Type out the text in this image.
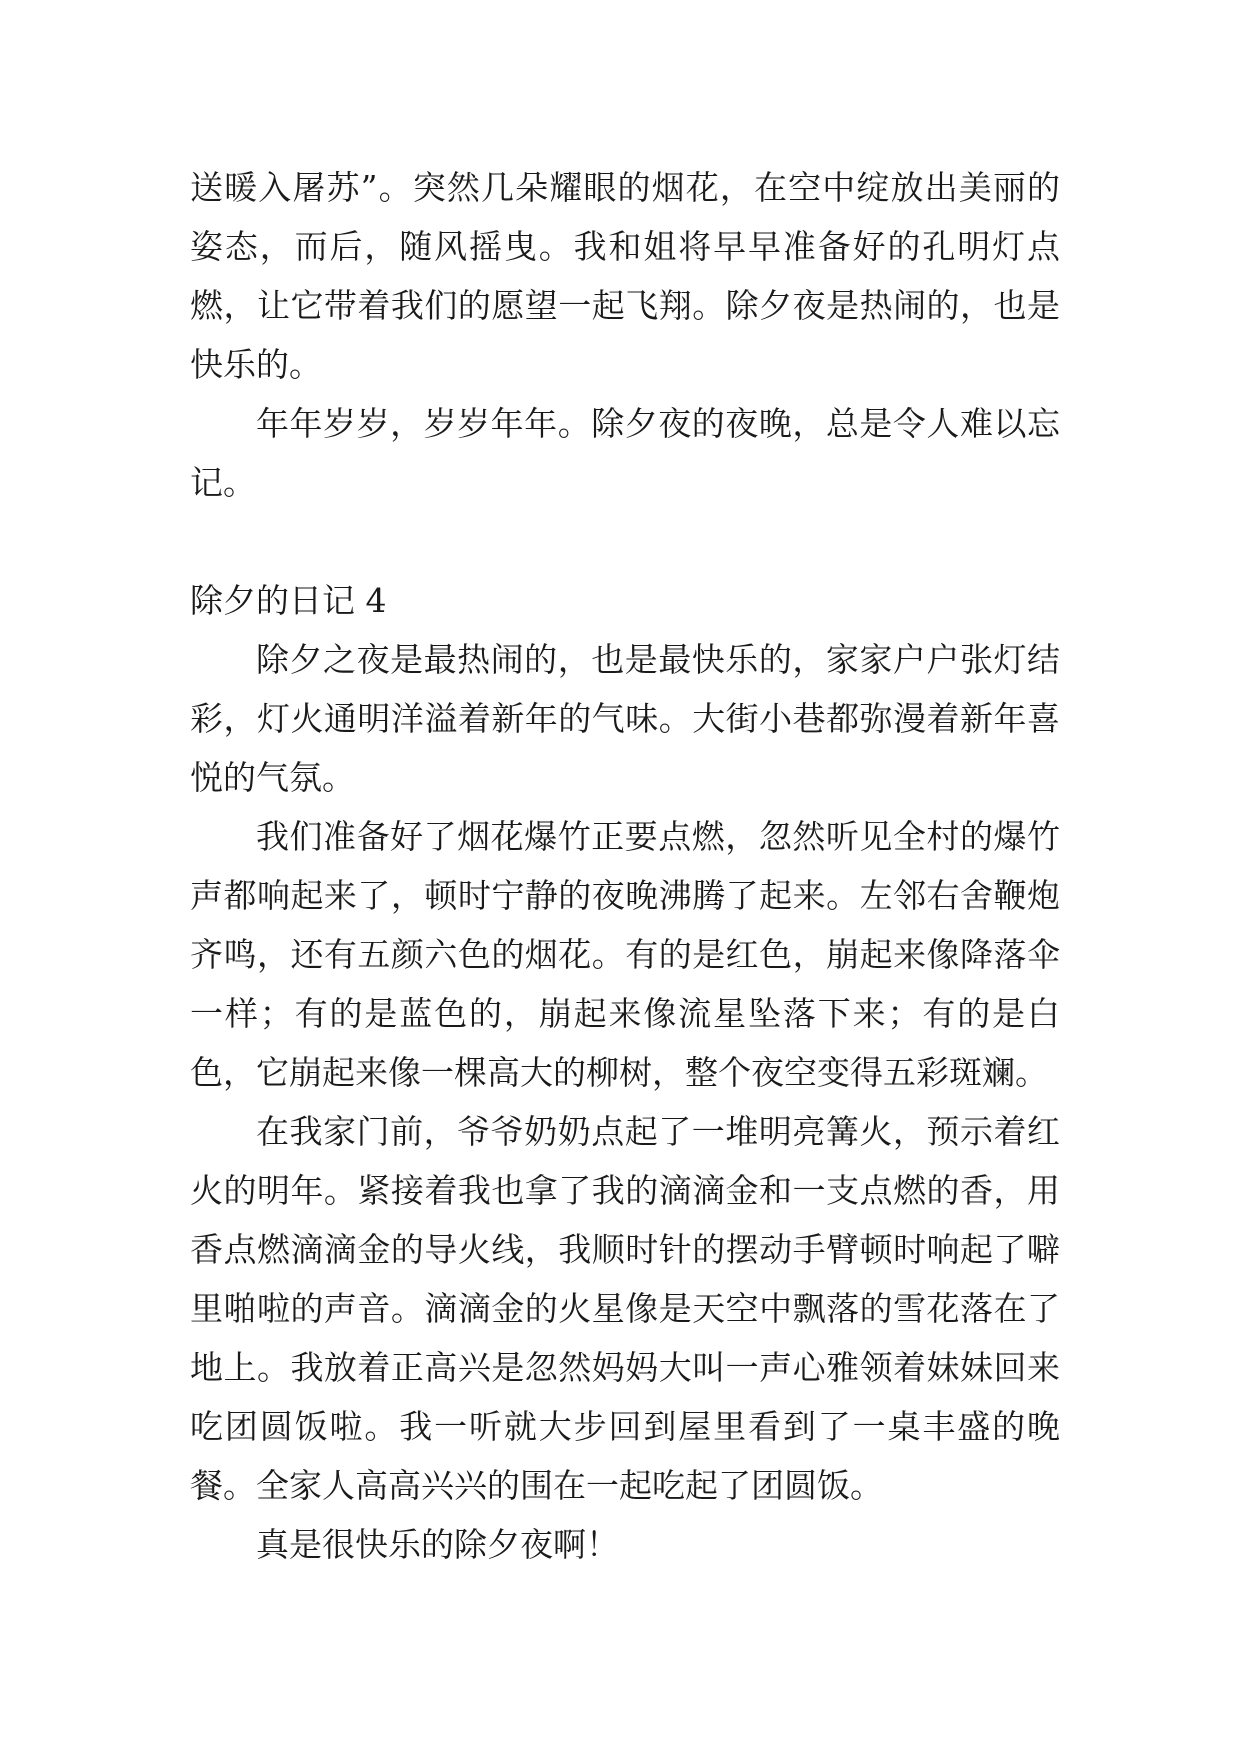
送暖入屠苏”。突然几朵耀眼的烟花，在空中绽放出美丽的姿态，而后，随风摇曳。我和姐将早早准备好的孔明灯点燃，让它带着我们的愿望一起飞翔。除夕夜是热闹的，也是快乐的。

年年岁岁，岁岁年年。除夕夜的夜晚，总是令人难以忘记。

除夕的日记 4

除夕之夜是最热闹的，也是最快乐的，家家户户张灯结彩，灯火通明洋溢着新年的气味。大街小巷都弥漫着新年喜悦的气氛。

我们准备好了烟花爆竹正要点燃，忽然听见全村的爆竹声都响起来了，顿时宁静的夜晚沸腾了起来。左邻右舍鞭炮齐鸣，还有五颜六色的烟花。有的是红色，崩起来像降落伞一样；有的是蓝色的，崩起来像流星坠落下来；有的是白色，它崩起来像一棵高大的柳树，整个夜空变得五彩斑斓。

在我家门前，爷爷奶奶点起了一堆明亮篝火，预示着红火的明年。紧接着我也拿了我的滴滴金和一支点燃的香，用香点燃滴滴金的导火线，我顺时针的摆动手臂顿时响起了噼里啪啦的声音。滴滴金的火星像是天空中飘落的雪花落在了地上。我放着正高兴是忽然妈妈大叫一声心雅领着妹妹回来吃团圆饭啦。我一听就大步回到屋里看到了一桌丰盛的晚餐。全家人高高兴兴的围在一起吃起了团圆饭。

真是很快乐的除夕夜啊！
